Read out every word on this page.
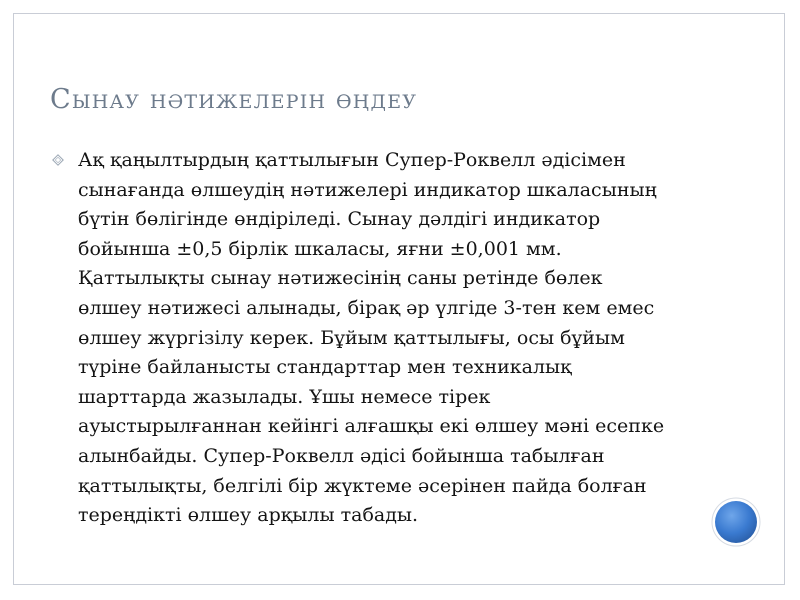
Сынау нәтижелерін өңдеу

Ақ қаңылтырдың қаттылығын Супер-Роквелл әдісімен
сынағанда өлшеудің нәтижелері индикатор шкаласының
бүтін бөлігінде өндіріледі. Сынау дәлдігі индикатор
бойынша ±0,5 бірлік шкаласы, яғни ±0,001 мм.
Қаттылықты сынау нәтижесінің саны ретінде бөлек
өлшеу нәтижесі алынады, бірақ әр үлгіде 3-тен кем емес
өлшеу жүргізілу керек. Бұйым қаттылығы, осы бұйым
түріне байланысты стандарттар мен техникалық
шарттарда жазылады. Ұшы немесе тірек
ауыстырылғаннан кейінгі алғашқы екі өлшеу мәні есепке
алынбайды. Супер-Роквелл әдісі бойынша табылған
қаттылықты, белгілі бір жүктеме әсерінен пайда болған
тереңдікті өлшеу арқылы табады.
